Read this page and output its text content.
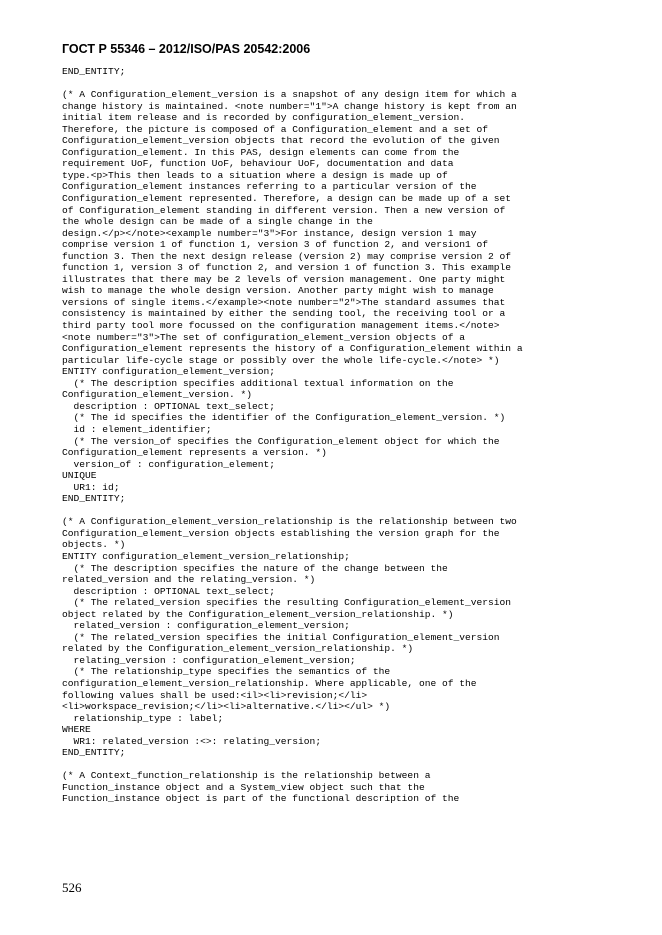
ГОСТ Р 55346 – 2012/ISO/PAS 20542:2006
END_ENTITY;
(* A Configuration_element_version is a snapshot of any design item for which a
change history is maintained. <note number="1">A change history is kept from an
initial item release and is recorded by configuration_element_version.
Therefore, the picture is composed of a Configuration_element and a set of
Configuration_element_version objects that record the evolution of the given
Configuration_element. In this PAS, design elements can come from the
requirement UoF, function UoF, behaviour UoF, documentation and data
type.<p>This then leads to a situation where a design is made up of
Configuration_element instances referring to a particular version of the
Configuration_element represented. Therefore, a design can be made up of a set
of Configuration_element standing in different version. Then a new version of
the whole design can be made of a single change in the
design.</p></note><example number="3">For instance, design version 1 may
comprise version 1 of function 1, version 3 of function 2, and version1 of
function 3. Then the next design release (version 2) may comprise version 2 of
function 1, version 3 of function 2, and version 1 of function 3. This example
illustrates that there may be 2 levels of version management. One party might
wish to manage the whole design version. Another party might wish to manage
versions of single items.</example><note number="2">The standard assumes that
consistency is maintained by either the sending tool, the receiving tool or a
third party tool more focussed on the configuration management items.</note>
<note number="3">The set of configuration_element_version objects of a
Configuration_element represents the history of a Configuration_element within a
particular life-cycle stage or possibly over the whole life-cycle.</note> *)
ENTITY configuration_element_version;
(* The description specifies additional textual information on the
Configuration_element_version. *)
description : OPTIONAL text_select;
(* The id specifies the identifier of the Configuration_element_version. *)
id : element_identifier;
(* The version_of specifies the Configuration_element object for which the
Configuration_element represents a version. *)
version_of : configuration_element;
UNIQUE
UR1: id;
END_ENTITY;
(* A Configuration_element_version_relationship is the relationship between two
Configuration_element_version objects establishing the version graph for the
objects. *)
ENTITY configuration_element_version_relationship;
(* The description specifies the nature of the change between the
related_version and the relating_version. *)
description : OPTIONAL text_select;
(* The related_version specifies the resulting Configuration_element_version
object related by the Configuration_element_version_relationship. *)
related_version : configuration_element_version;
(* The related_version specifies the initial Configuration_element_version
related by the Configuration_element_version_relationship. *)
relating_version : configuration_element_version;
(* The relationship_type specifies the semantics of the
configuration_element_version_relationship. Where applicable, one of the
following values shall be used:<il><li>revision;</li>
<li>workspace_revision;</li><li>alternative.</li></ul> *)
relationship_type : label;
WHERE
WR1: related_version :<>: relating_version;
END_ENTITY;
(* A Context_function_relationship is the relationship between a
Function_instance object and a System_view object such that the
Function_instance object is part of the functional description of the
526
